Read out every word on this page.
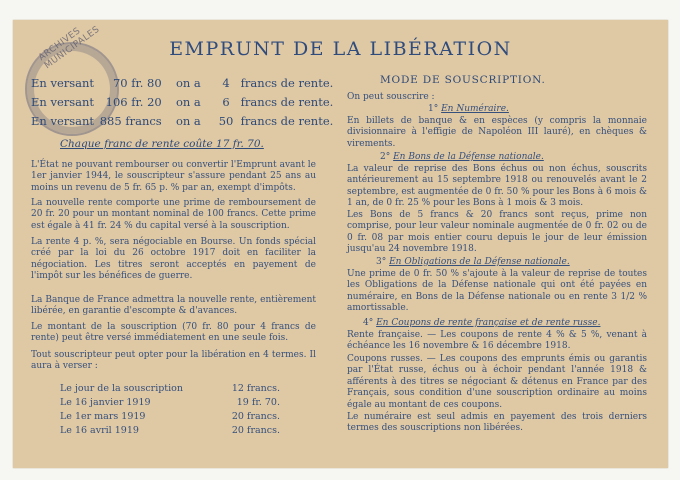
ARCHIVES MUNICIPALES	EMPRUNT DE LA LIBÉRATION
En versant 70 fr. 80 on a 4 francs de rente.
En versant 106 fr. 20 on a 6 francs de rente.
En versant 885 francs on a 50 francs de rente.
Chaque franc de rente coûte 17 fr. 70.
L'État ne pouvant rembourser ou convertir l'Emprunt avant le 1er janvier 1944, le souscripteur s'assure pendant 25 ans au moins un revenu de 5 fr. 65 p. % par an, exempt d'impôts.
La nouvelle rente comporte une prime de remboursement de 20 fr. 20 pour un montant nominal de 100 francs. Cette prime est égale à 41 fr. 24 % du capital versé à la souscription.
La rente 4 p. %, sera négociable en Bourse. Un fonds spécial créé par la loi du 26 octobre 1917 doit en faciliter la négociation. Les titres seront acceptés en payement de l'impôt sur les bénéfices de guerre.
La Banque de France admettra la nouvelle rente, entièrement libérée, en garantie d'escompte & d'avances.
Le montant de la souscription (70 fr. 80 pour 4 francs de rente) peut être versé immédiatement en une seule fois.
Tout souscripteur peut opter pour la libération en 4 termes. Il aura à verser :
Le jour de la souscription	12 francs.
Le 16 janvier 1919	19 fr. 70.
Le 1er mars 1919	20 francs.
Le 16 avril 1919	20 francs.
MODE DE SOUSCRIPTION.
On peut souscrire :
1° En Numéraire.
En billets de banque & en espèces (y compris la monnaie divisionnaire à l'effigie de Napoléon III lauré), en chèques & virements.
2° En Bons de la Défense nationale.
La valeur de reprise des Bons échus ou non échus, souscrits antérieurement au 15 septembre 1918 ou renouvelés avant le 2 septembre, est augmentée de 0 fr. 50 % pour les Bons à 6 mois & 1 an, de 0 fr. 25 % pour les Bons à 1 mois & 3 mois.
Les Bons de 5 francs & 20 francs sont reçus, prime non comprise, pour leur valeur nominale augmentée de 0 fr. 02 ou de 0 fr. 08 par mois entier couru depuis le jour de leur émission jusqu'au 24 novembre 1918.
3° En Obligations de la Défense nationale.
Une prime de 0 fr. 50 % s'ajoute à la valeur de reprise de toutes les Obligations de la Défense nationale qui ont été payées en numéraire, en Bons de la Défense nationale ou en rente 3 1/2 % amortissable.
4° En Coupons de rente française et de rente russe.
Rente française. — Les coupons de rente 4 % & 5 %, venant à échéance les 16 novembre & 16 décembre 1918.
Coupons russes. — Les coupons des emprunts émis ou garantis par l'État russe, échus ou à échoir pendant l'année 1918 & afférents à des titres se négociant & détenus en France par des Français, sous condition d'une souscription ordinaire au moins égale au montant de ces coupons.
Le numéraire est seul admis en payement des trois derniers termes des souscriptions non libérées.
